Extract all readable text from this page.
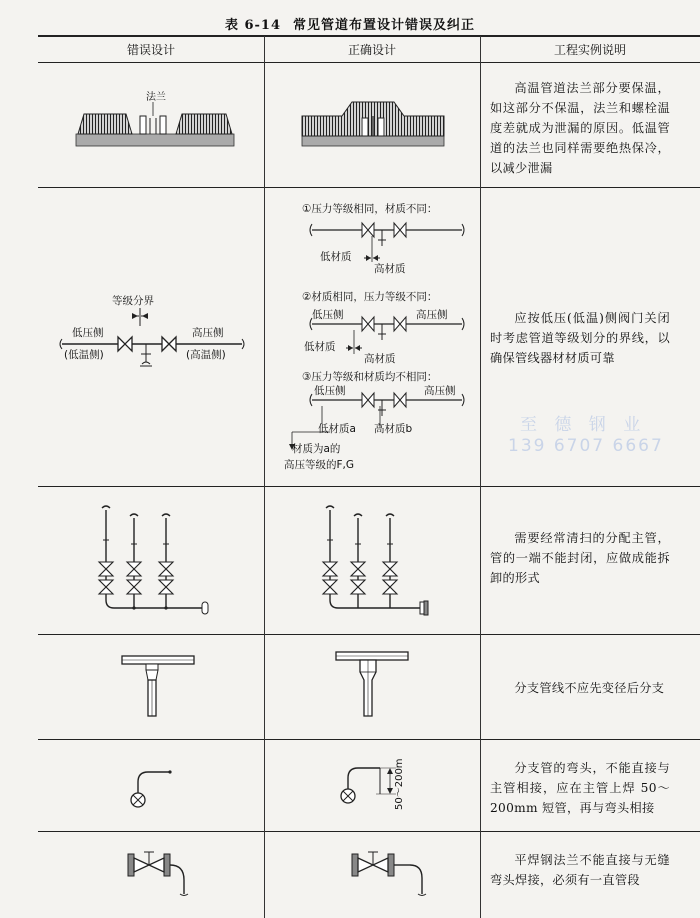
表 6-14 常见管道布置设计错误及纠正
错误设计	正确设计	工程实例说明
法兰
高温管道法兰部分要保温，如这部分不保温，法兰和螺栓温度差就成为泄漏的原因。低温管道的法兰也同样需要绝热保冷，以减少泄漏
等级分界
低压侧
(低温侧)
高压侧
(高温侧)
①压力等级相同，材质不同：
低材质
高材质
②材质相同，压力等级不同：
低压侧	高压侧
低材质
高材质
③压力等级和材质均不相同：
低压侧	高压侧
低材质a 高材质b
材质为a的
高压等级的F,G
应按低压(低温)侧阀门关闭时考虑管道等级划分的界线，以确保管线器材材质可靠
至 德 钢 业
139 6707 6667
需要经常清扫的分配主管，管的一端不能封闭，应做成能拆卸的形式
分支管线不应先变径后分支
50～200m	分支管的弯头，不能直接与主管相接，应在主管上焊 50～200mm 短管，再与弯头相接
平焊钢法兰不能直接与无缝弯头焊接，必须有一直管段
